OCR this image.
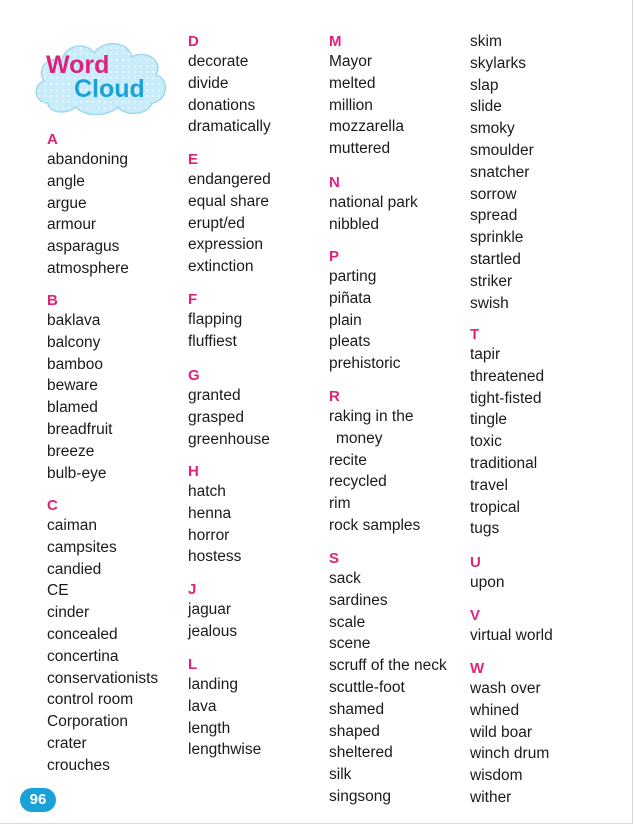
Word
Cloud
A
abandoning
angle
argue
armour
asparagus
atmosphere
B
baklava
balcony
bamboo
beware
blamed
breadfruit
breeze
bulb-eye
C
caiman
campsites
candied
CE
cinder
concealed
concertina
conservationists
control room
Corporation
crater
crouches
D
decorate
divide
donations
dramatically
E
endangered
equal share
erupt/ed
expression
extinction
F
flapping
fluffiest
G
granted
grasped
greenhouse
H
hatch
henna
horror
hostess
J
jaguar
jealous
L
landing
lava
length
lengthwise
M
Mayor
melted
million
mozzarella
muttered
N
national park
nibbled
P
parting
piñata
plain
pleats
prehistoric
R
raking in the
money
recite
recycled
rim
rock samples
S
sack
sardines
scale
scene
scruff of the neck
scuttle-foot
shamed
shaped
sheltered
silk
singsong
skim
skylarks
slap
slide
smoky
smoulder
snatcher
sorrow
spread
sprinkle
startled
striker
swish
T
tapir
threatened
tight-fisted
tingle
toxic
traditional
travel
tropical
tugs
U
upon
V
virtual world
W
wash over
whined
wild boar
winch drum
wisdom
wither
96
